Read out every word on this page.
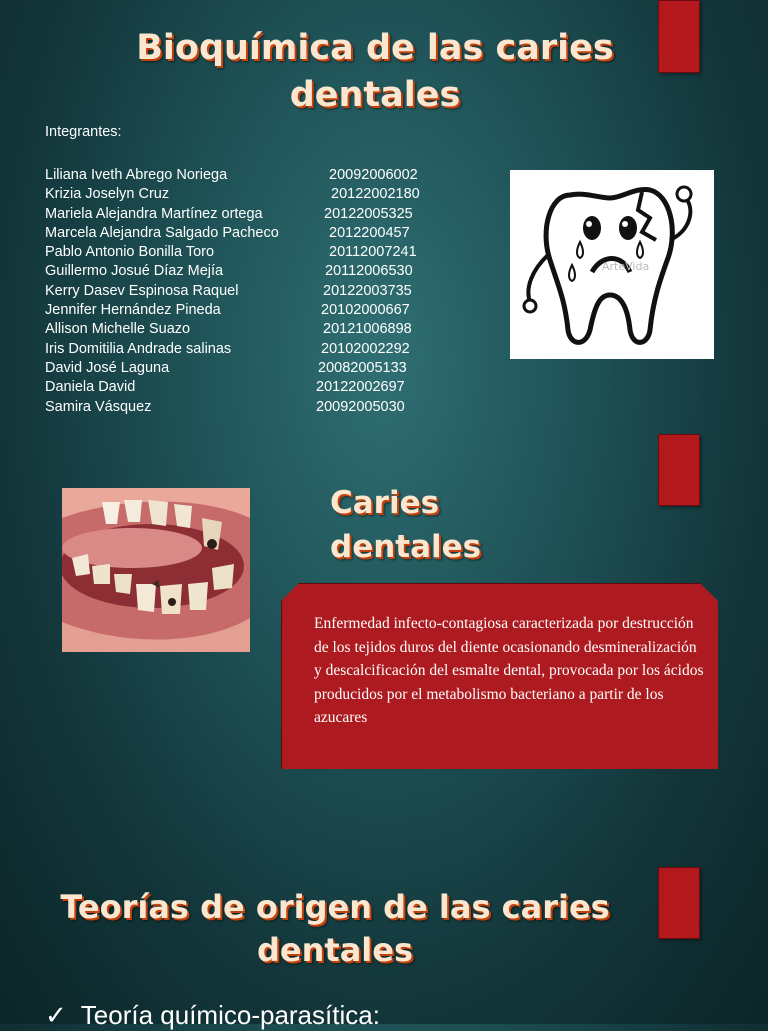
Bioquímica de las caries
dentales

Integrantes:

Liliana Iveth Abrego Noriega	20092006002
Krizia Joselyn Cruz	20122002180
Mariela Alejandra Martínez ortega	20122005325
Marcela Alejandra Salgado Pacheco	2012200457
Pablo Antonio Bonilla Toro	20112007241
Guillermo Josué Díaz Mejía	20112006530
Kerry Dasev Espinosa Raquel	20122003735
Jennifer Hernández Pineda	20102000667
Allison Michelle Suazo	20121006898
Iris Domitilia Andrade salinas	20102002292
David José Laguna	20082005133
Daniela David	20122002697
Samira Vásquez	20092005030
ArteVida
Caries dentales
Enfermedad infecto-contagiosa caracterizada por destrucción de los tejidos duros del diente ocasionando desmineralización y descalcificación del esmalte dental, provocada por los ácidos producidos por el metabolismo bacteriano a partir de los azucares
Teorías de origen de las caries
dentales
✓ Teoría químico-parasítica:
